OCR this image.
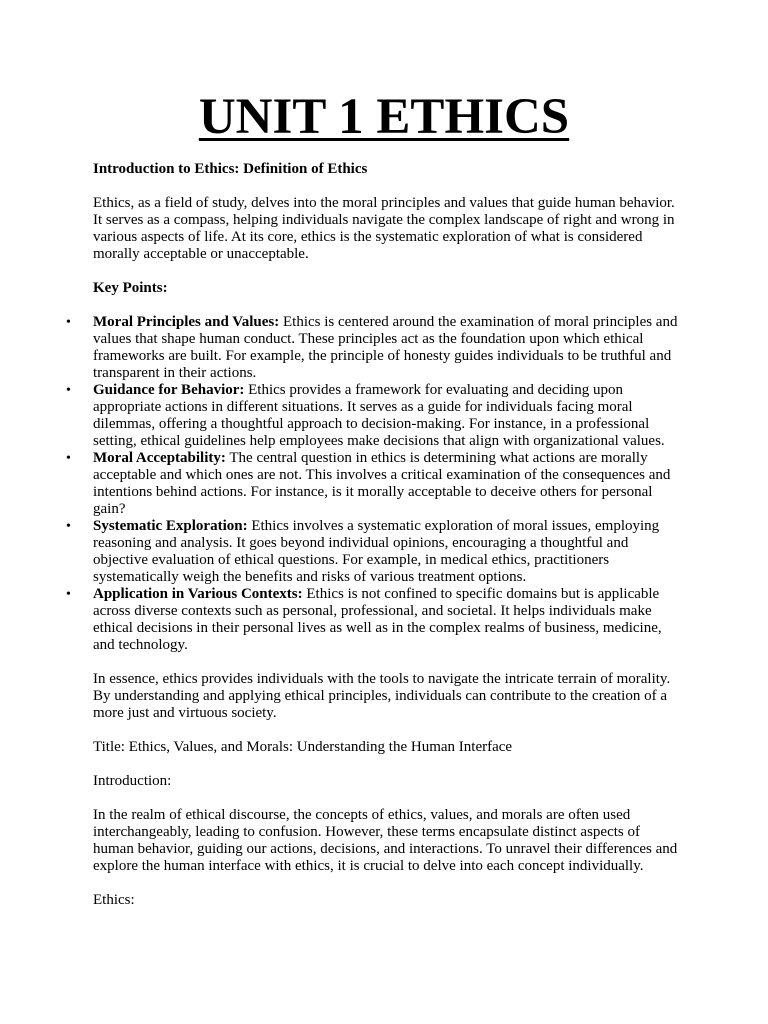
UNIT 1 ETHICS

Introduction to Ethics: Definition of Ethics

Ethics, as a field of study, delves into the moral principles and values that guide human behavior. It serves as a compass, helping individuals navigate the complex landscape of right and wrong in various aspects of life. At its core, ethics is the systematic exploration of what is considered morally acceptable or unacceptable.

Key Points:

• Moral Principles and Values: Ethics is centered around the examination of moral principles and values that shape human conduct. These principles act as the foundation upon which ethical frameworks are built. For example, the principle of honesty guides individuals to be truthful and transparent in their actions.
• Guidance for Behavior: Ethics provides a framework for evaluating and deciding upon appropriate actions in different situations. It serves as a guide for individuals facing moral dilemmas, offering a thoughtful approach to decision-making. For instance, in a professional setting, ethical guidelines help employees make decisions that align with organizational values.
• Moral Acceptability: The central question in ethics is determining what actions are morally acceptable and which ones are not. This involves a critical examination of the consequences and intentions behind actions. For instance, is it morally acceptable to deceive others for personal gain?
• Systematic Exploration: Ethics involves a systematic exploration of moral issues, employing reasoning and analysis. It goes beyond individual opinions, encouraging a thoughtful and objective evaluation of ethical questions. For example, in medical ethics, practitioners systematically weigh the benefits and risks of various treatment options.
• Application in Various Contexts: Ethics is not confined to specific domains but is applicable across diverse contexts such as personal, professional, and societal. It helps individuals make ethical decisions in their personal lives as well as in the complex realms of business, medicine, and technology.

In essence, ethics provides individuals with the tools to navigate the intricate terrain of morality. By understanding and applying ethical principles, individuals can contribute to the creation of a more just and virtuous society.

Title: Ethics, Values, and Morals: Understanding the Human Interface

Introduction:

In the realm of ethical discourse, the concepts of ethics, values, and morals are often used interchangeably, leading to confusion. However, these terms encapsulate distinct aspects of human behavior, guiding our actions, decisions, and interactions. To unravel their differences and explore the human interface with ethics, it is crucial to delve into each concept individually.

Ethics:
